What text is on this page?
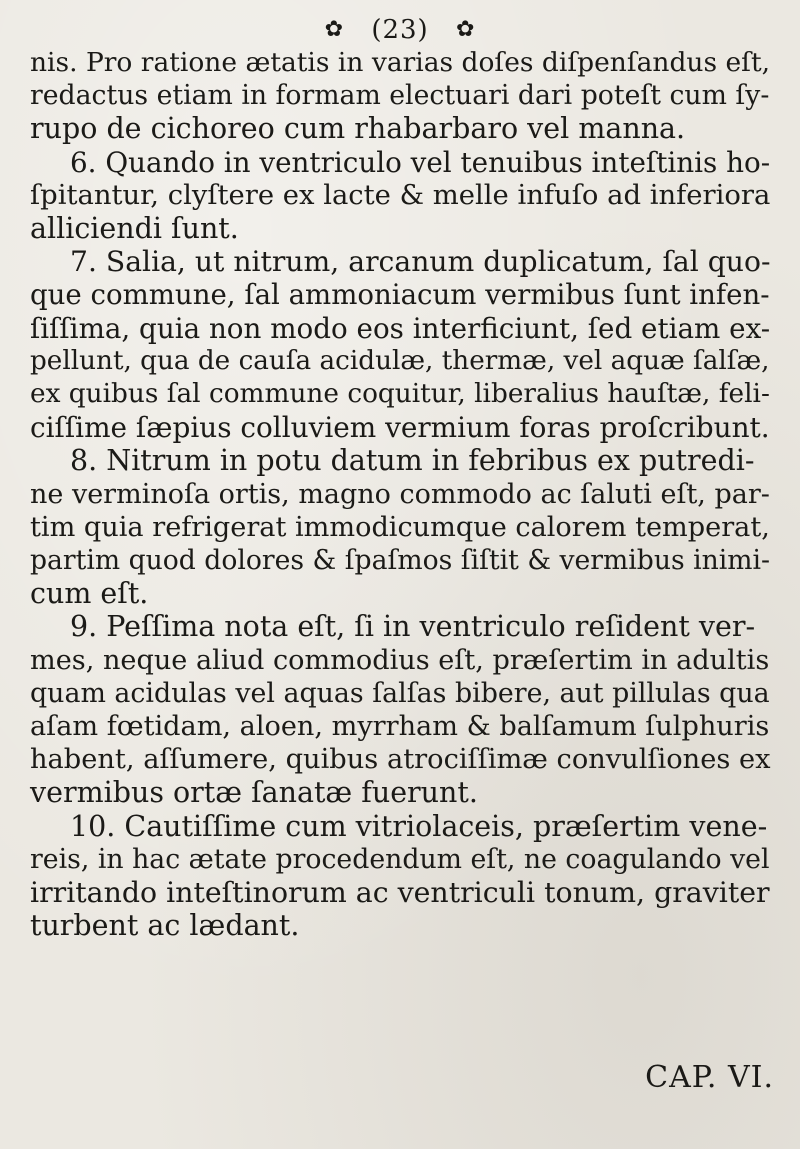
✿ (23) ✿

nis. Pro ratione ætatis in varias doſes diſpenſandus eſt,
redactus etiam in formam electuari dari poteſt cum ſy-
rupo de cichoreo cum rhabarbaro vel manna.
6. Quando in ventriculo vel tenuibus inteſtinis ho-
ſpitantur, clyſtere ex lacte & melle infuſo ad inferiora
alliciendi ſunt.
7. Salia, ut nitrum, arcanum duplicatum, ſal quo-
que commune, ſal ammoniacum vermibus ſunt infen-
ſiſſima, quia non modo eos interficiunt, ſed etiam ex-
pellunt, qua de cauſa acidulæ, thermæ, vel aquæ ſalſæ,
ex quibus ſal commune coquitur, liberalius hauſtæ, feli-
ciſſime ſæpius colluviem vermium foras proſcribunt.
8. Nitrum in potu datum in febribus ex putredi-
ne verminoſa ortis, magno commodo ac ſaluti eſt, par-
tim quia refrigerat immodicumque calorem temperat,
partim quod dolores & ſpaſmos ſiſtit & vermibus inimi-
cum eſt.
9. Peſſima nota eſt, ſi in ventriculo reſident ver-
mes, neque aliud commodius eſt, præſertim in adultis
quam acidulas vel aquas ſalſas bibere, aut pillulas qua
aſam fœtidam, aloen, myrrham & balſamum ſulphuris
habent, aſſumere, quibus atrociſſimæ convulſiones ex
vermibus ortæ ſanatæ fuerunt.
10. Cautiſſime cum vitriolaceis, præſertim vene-
reis, in hac ætate procedendum eſt, ne coagulando vel
irritando inteſtinorum ac ventriculi tonum, graviter
turbent ac lædant.

CAP. VI.
